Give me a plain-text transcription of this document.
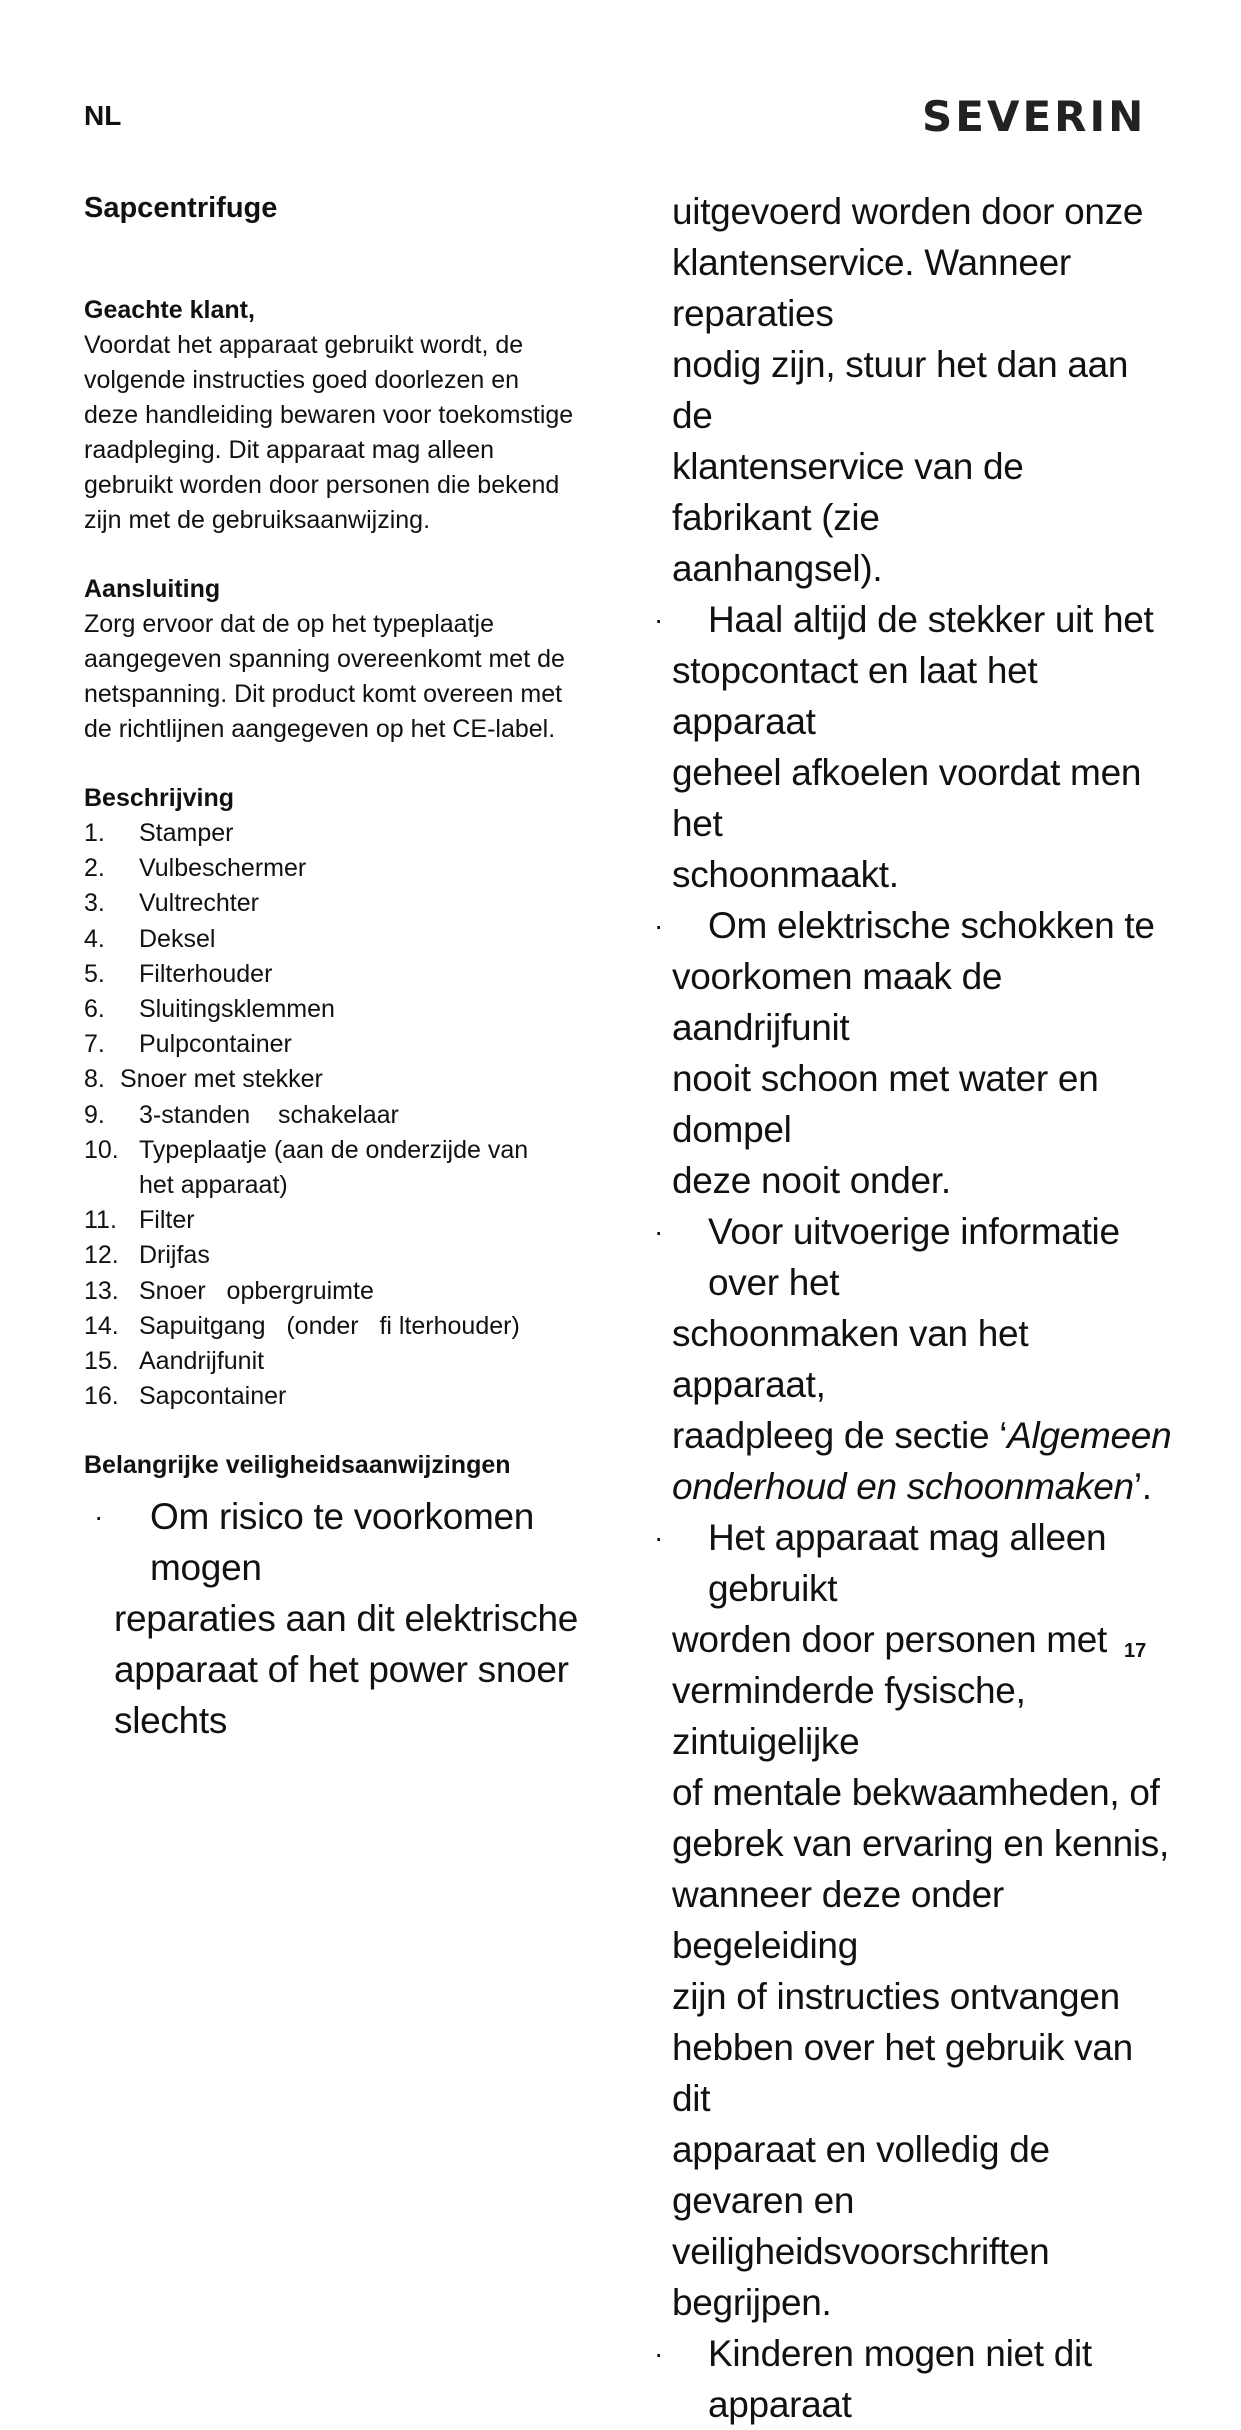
NL	SEVERIN
Sapcentrifuge
Geachte klant,

Voordat het apparaat gebruikt wordt, de
volgende instructies goed doorlezen en
deze handleiding bewaren voor toekomstige
raadpleging. Dit apparaat mag alleen
gebruikt worden door personen die bekend
zijn met de gebruiksaanwijzing.

Aansluiting

Zorg ervoor dat de op het typeplaatje
aangegeven spanning overeenkomt met de
netspanning. Dit product komt overeen met
de richtlijnen aangegeven op het CE-label.

Beschrijving
1.	Stamper
2.	Vulbeschermer
3.	Vultrechter
4.	Deksel
5.	Filterhouder
6.	Sluitingsklemmen
7.	Pulpcontainer
8. Snoer met stekker
9.	3-standen    schakelaar
10. Typeplaatje (aan de onderzijde van het apparaat)
11. Filter
12. Drijfas
13. Snoer   opbergruimte
14. Sapuitgang   (onder   fi lterhouder)
15. Aandrijfunit
16. Sapcontainer
Belangrijke veiligheidsaanwijzingen
·	Om risico te voorkomen mogen
reparaties aan dit elektrische
apparaat of het power snoer slechts
uitgevoerd worden door onze
klantenservice. Wanneer reparaties
nodig zijn, stuur het dan aan de
klantenservice van de fabrikant (zie
aanhangsel).
·	Haal altijd de stekker uit het
stopcontact en laat het apparaat
geheel afkoelen voordat men het
schoonmaakt.
·	Om elektrische schokken te
voorkomen maak de aandrijfunit
nooit schoon met water en dompel
deze nooit onder.
·	Voor uitvoerige informatie over het
schoonmaken van het apparaat,
raadpleeg de sectie ‘Algemeen
onderhoud en schoonmaken’.
·	Het apparaat mag alleen gebruikt
worden door personen met
verminderde fysische, zintuigelijke
of mentale bekwaamheden, of
gebrek van ervaring en kennis,
wanneer deze onder begeleiding
zijn of instructies ontvangen
hebben over het gebruik van dit
apparaat en volledig de gevaren en
veiligheidsvoorschriften begrijpen.
·	Kinderen mogen niet dit apparaat
17
